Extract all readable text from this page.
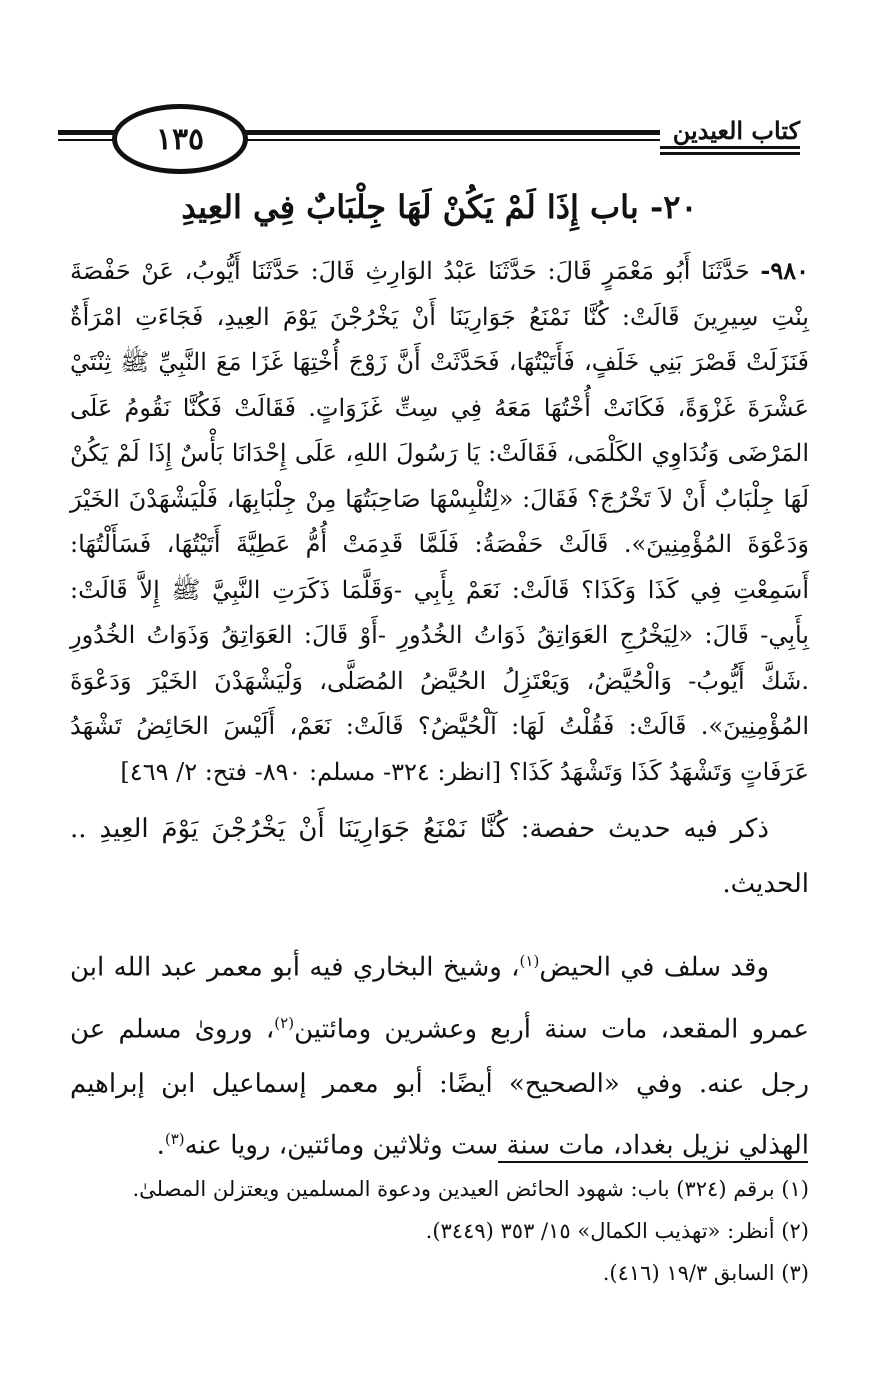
١٣٥	كتاب العيدين
٢٠- باب إِذَا لَمْ يَكُنْ لَهَا جِلْبَابٌ فِي العِيدِ
٩٨٠- حَدَّثَنَا أَبُو مَعْمَرٍ قَالَ: حَدَّثَنَا عَبْدُ الوَارِثِ قَالَ: حَدَّثَنَا أَيُّوبُ، عَنْ حَفْصَةَ بِنْتِ سِيرِينَ قَالَتْ: كُنَّا نَمْنَعُ جَوَارِيَنَا أَنْ يَخْرُجْنَ يَوْمَ العِيدِ، فَجَاءَتِ امْرَأَةٌ فَنَزَلَتْ قَصْرَ بَنِي خَلَفٍ، فَأَتَيْتُهَا، فَحَدَّثَتْ أَنَّ زَوْجَ أُخْتِهَا غَزَا مَعَ النَّبِيِّ ﷺ ثِنْتَيْ عَشْرَةَ غَزْوَةً، فَكَانَتْ أُخْتُهَا مَعَهُ فِي سِتِّ غَزَوَاتٍ. فَقَالَتْ فَكُنَّا نَقُومُ عَلَى المَرْضَى وَنُدَاوِي الكَلْمَى، فَقَالَتْ: يَا رَسُولَ اللهِ، عَلَى إِحْدَانَا بَأْسٌ إِذَا لَمْ يَكُنْ لَهَا جِلْبَابٌ أَنْ لاَ تَخْرُجَ؟ فَقَالَ: «لِتُلْبِسْهَا صَاحِبَتُهَا مِنْ جِلْبَابِهَا، فَلْيَشْهَدْنَ الخَيْرَ وَدَعْوَةَ المُؤْمِنِينَ». قَالَتْ حَفْصَةُ: فَلَمَّا قَدِمَتْ أُمُّ عَطِيَّةَ أَتَيْتُهَا، فَسَأَلْتُهَا: أَسَمِعْتِ فِي كَذَا وَكَذَا؟ قَالَتْ: نَعَمْ بِأَبِي -وَقَلَّمَا ذَكَرَتِ النَّبِيَّ ﷺ إِلاَّ قَالَتْ: بِأَبِي- قَالَ: «لِيَخْرُجِ العَوَاتِقُ ذَوَاتُ الخُدُورِ -أَوْ قَالَ: العَوَاتِقُ وَذَوَاتُ الخُدُورِ .شَكَّ أَيُّوبُ- وَالْحُيَّضُ، وَيَعْتَزِلُ الحُيَّضُ المُصَلَّى، وَلْيَشْهَدْنَ الخَيْرَ وَدَعْوَةَ المُؤْمِنِينَ». قَالَتْ: فَقُلْتُ لَهَا: آلْحُيَّضُ؟ قَالَتْ: نَعَمْ، أَلَيْسَ الحَائِضُ تَشْهَدُ عَرَفَاتٍ وَتَشْهَدُ كَذَا وَتَشْهَدُ كَذَا؟ [انظر: ٣٢٤- مسلم: ٨٩٠- فتح: ٢/ ٤٦٩]

ذكر فيه حديث حفصة: كُنَّا نَمْنَعُ جَوَارِيَنَا أَنْ يَخْرُجْنَ يَوْمَ العِيدِ .. الحديث.

وقد سلف في الحيض$^{(١)}$، وشيخ البخاري فيه أبو معمر عبد الله ابن عمرو المقعد، مات سنة أربع وعشرين ومائتين$^{(٢)}$، وروىٰ مسلم عن رجل عنه. وفي «الصحيح» أيضًا: أبو معمر إسماعيل ابن إبراهيم الهذلي نزيل بغداد، مات سنة ست وثلاثين ومائتين، رويا عنه$^{(٣)}$.

(١) برقم (٣٢٤) باب: شهود الحائض العيدين ودعوة المسلمين ويعتزلن المصلىٰ.
(٢) أنظر: «تهذيب الكمال» ١٥/ ٣٥٣ (٣٤٤٩).
(٣) السابق ١٩/٣ (٤١٦).
